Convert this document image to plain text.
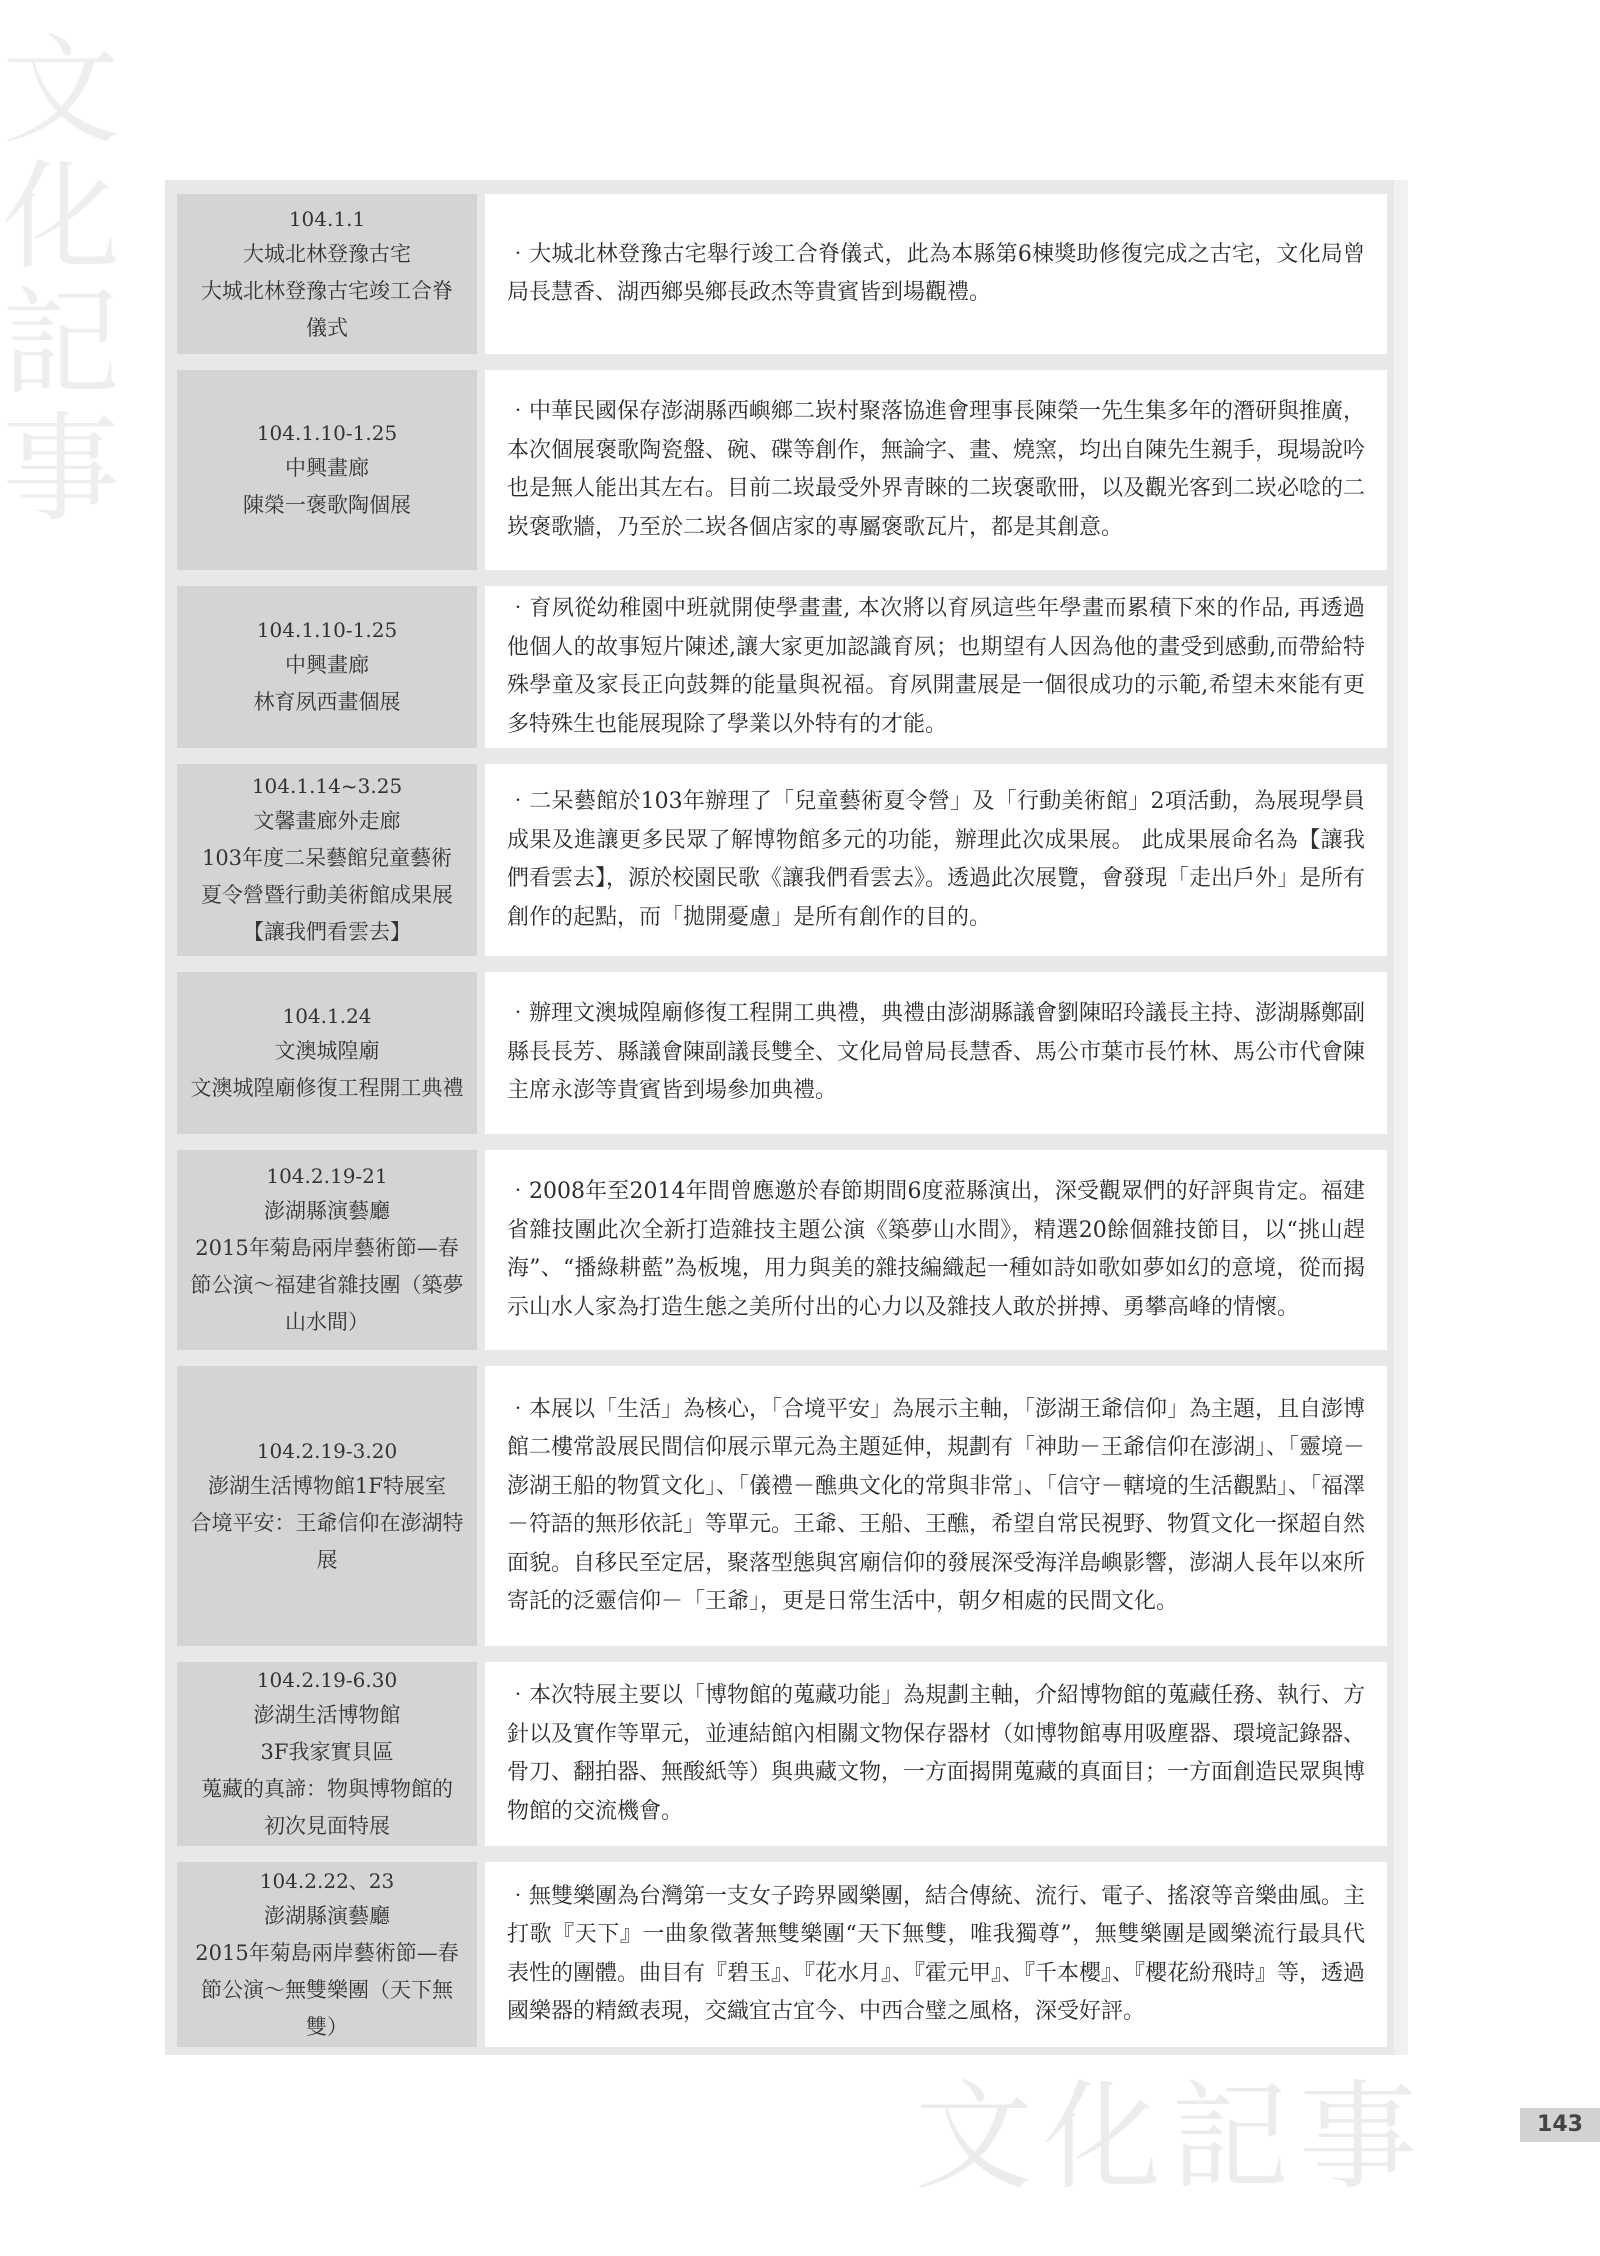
文
化
記
事
104.1.1
大城北林登豫古宅
大城北林登豫古宅竣工合脊儀式
‧大城北林登豫古宅舉行竣工合脊儀式，此為本縣第6棟獎助修復完成之古宅，文化局曾局長慧香、湖西鄉吳鄉長政杰等貴賓皆到場觀禮。
104.1.10-1.25
中興畫廊
陳榮一褒歌陶個展
‧中華民國保存澎湖縣西嶼鄉二崁村聚落協進會理事長陳榮一先生集多年的潛研與推廣，本次個展褒歌陶瓷盤、碗、碟等創作，無論字、畫、燒窯，均出自陳先生親手，現場說吟也是無人能出其左右。目前二崁最受外界青睞的二崁褒歌冊，以及觀光客到二崁必唸的二崁褒歌牆，乃至於二崁各個店家的專屬褒歌瓦片，都是其創意。
104.1.10-1.25
中興畫廊
林育夙西畫個展
‧育夙從幼稚園中班就開使學畫畫, 本次將以育夙這些年學畫而累積下來的作品, 再透過他個人的故事短片陳述,讓大家更加認識育夙；也期望有人因為他的畫受到感動,而帶給特殊學童及家長正向鼓舞的能量與祝福。育夙開畫展是一個很成功的示範,希望未來能有更多特殊生也能展現除了學業以外特有的才能。
104.1.14~3.25
文馨畫廊外走廊
103年度二呆藝館兒童藝術夏令營暨行動美術館成果展【讓我們看雲去】
‧二呆藝館於103年辦理了「兒童藝術夏令營」及「行動美術館」2項活動，為展現學員成果及進讓更多民眾了解博物館多元的功能，辦理此次成果展。 此成果展命名為【讓我們看雲去】，源於校園民歌《讓我們看雲去》。透過此次展覽，會發現「走出戶外」是所有創作的起點，而「拋開憂慮」是所有創作的目的。
104.1.24
文澳城隍廟
文澳城隍廟修復工程開工典禮
‧辦理文澳城隍廟修復工程開工典禮，典禮由澎湖縣議會劉陳昭玲議長主持、澎湖縣鄭副縣長長芳、縣議會陳副議長雙全、文化局曾局長慧香、馬公市葉市長竹林、馬公市代會陳主席永澎等貴賓皆到場參加典禮。
104.2.19-21
澎湖縣演藝廳
2015年菊島兩岸藝術節—春節公演～福建省雜技團（築夢山水間）
‧2008年至2014年間曾應邀於春節期間6度蒞縣演出，深受觀眾們的好評與肯定。福建省雜技團此次全新打造雜技主題公演《築夢山水間》，精選20餘個雜技節目，以“挑山趕海”、“播綠耕藍”為板塊，用力與美的雜技編織起一種如詩如歌如夢如幻的意境，從而揭示山水人家為打造生態之美所付出的心力以及雜技人敢於拼搏、勇攀高峰的情懷。
104.2.19-3.20
澎湖生活博物館1F特展室
合境平安：王爺信仰在澎湖特展
‧本展以「生活」為核心，「合境平安」為展示主軸，「澎湖王爺信仰」為主題，且自澎博館二樓常設展民間信仰展示單元為主題延伸，規劃有「神助－王爺信仰在澎湖」、「靈境－澎湖王船的物質文化」、「儀禮－醮典文化的常與非常」、「信守－轄境的生活觀點」、「福澤－符語的無形依託」等單元。王爺、王船、王醮，希望自常民視野、物質文化一探超自然面貌。自移民至定居，聚落型態與宮廟信仰的發展深受海洋島嶼影響，澎湖人長年以來所寄託的泛靈信仰－「王爺」，更是日常生活中，朝夕相處的民間文化。
104.2.19-6.30
澎湖生活博物館
3F我家實貝區
蒐藏的真諦：物與博物館的初次見面特展
‧本次特展主要以「博物館的蒐藏功能」為規劃主軸，介紹博物館的蒐藏任務、執行、方針以及實作等單元，並連結館內相關文物保存器材（如博物館專用吸塵器、環境記錄器、骨刀、翻拍器、無酸紙等）與典藏文物，一方面揭開蒐藏的真面目；一方面創造民眾與博物館的交流機會。
104.2.22、23
澎湖縣演藝廳
2015年菊島兩岸藝術節—春節公演～無雙樂團（天下無雙）
‧無雙樂團為台灣第一支女子跨界國樂團，結合傳統、流行、電子、搖滾等音樂曲風。主打歌『天下』一曲象徵著無雙樂團“天下無雙，唯我獨尊”，無雙樂團是國樂流行最具代表性的團體。曲目有『碧玉』、『花水月』、『霍元甲』、『千本櫻』、『櫻花紛飛時』等，透過國樂器的精緻表現，交織宜古宜今、中西合璧之風格，深受好評。
文化記事	143
